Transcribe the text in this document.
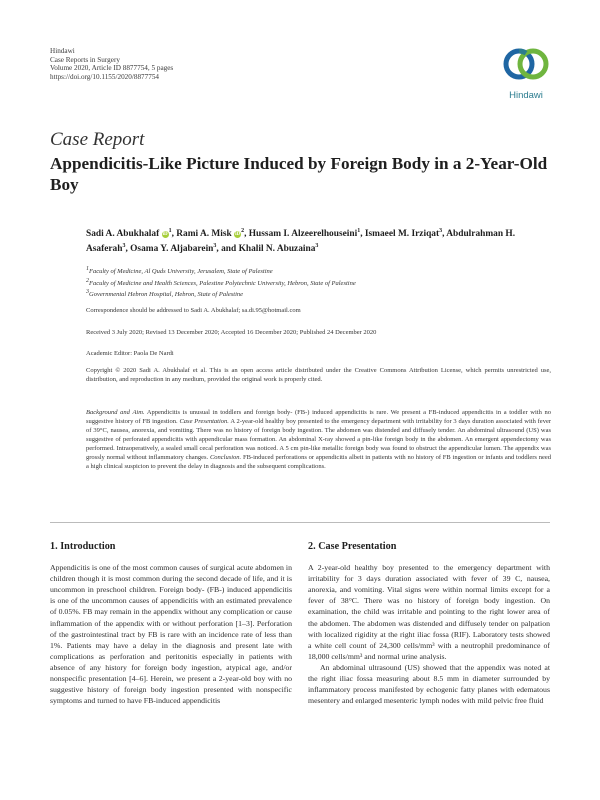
Hindawi
Case Reports in Surgery
Volume 2020, Article ID 8877754, 5 pages
https://doi.org/10.1155/2020/8877754
Hindawi
Case Report
Appendicitis-Like Picture Induced by Foreign Body in a 2-Year-Old Boy
Sadi A. Abukhalaf $iD^1$, Rami A. Misk $iD^2$, Hussam I. Alzeerelhouseini$^1$, Ismaeel M. Irziqat$^3$, Abdulrahman H. Asaferah$^3$, Osama Y. Aljabarein$^3$, and Khalil N. Abuzaina$^3$
$^1$Faculty of Medicine, Al Quds University, Jerusalem, State of Palestine
$^2$Faculty of Medicine and Health Sciences, Palestine Polytechnic University, Hebron, State of Palestine
$^3$Governmental Hebron Hospital, Hebron, State of Palestine
Correspondence should be addressed to Sadi A. Abukhalaf; sa.di.95@hotmail.com
Received 3 July 2020; Revised 13 December 2020; Accepted 16 December 2020; Published 24 December 2020
Academic Editor: Paola De Nardi
Copyright © 2020 Sadi A. Abukhalaf et al. This is an open access article distributed under the Creative Commons Attribution License, which permits unrestricted use, distribution, and reproduction in any medium, provided the original work is properly cited.
Background and Aim. Appendicitis is unusual in toddlers and foreign body- (FB-) induced appendicitis is rare. We present a FB-induced appendicitis in a toddler with no suggestive history of FB ingestion. Case Presentation. A 2-year-old healthy boy presented to the emergency department with irritability for 3 days duration associated with fever of 39°C, nausea, anorexia, and vomiting. There was no history of foreign body ingestion. The abdomen was distended and diffusely tender. An abdominal ultrasound (US) was suggestive of perforated appendicitis with appendicular mass formation. An abdominal X-ray showed a pin-like foreign body in the abdomen. An emergent appendectomy was performed. Intraoperatively, a sealed small cecal perforation was noticed. A 5 cm pin-like metallic foreign body was found to obstruct the appendicular lumen. The appendix was grossly normal without inflammatory changes. Conclusion. FB-induced perforations or appendicitis albeit in patients with no history of FB ingestion or infants and toddlers need a high clinical suspicion to prevent the delay in diagnosis and the subsequent complications.
1. Introduction

Appendicitis is one of the most common causes of surgical acute abdomen in children though it is most common during the second decade of life, and it is uncommon in preschool children. Foreign body- (FB-) induced appendicitis is one of the uncommon causes of appendicitis with an estimated prevalence of 0.05%. FB may remain in the appendix without any complication or cause inflammation of the appendix with or without perforation [1–3]. Perforation of the gastrointestinal tract by FB is rare with an incidence rate of less than 1%. Patients may have a delay in the diagnosis and present late with complications as perforation and peritonitis especially in patients with absence of any history for foreign body ingestion, atypical age, and/or nonspecific presentation [4–6]. Herein, we present a 2-year-old boy with no suggestive history of foreign body ingestion presented with nonspecific symptoms and turned to have FB-induced appendicitis

2. Case Presentation

A 2-year-old healthy boy presented to the emergency department with irritability for 3 days duration associated with fever of 39 C, nausea, anorexia, and vomiting. Vital signs were within normal limits except for a fever of 38°C. There was no history of foreign body ingestion. On examination, the child was irritable and pointing to the right lower area of the abdomen. The abdomen was distended and diffusely tender on palpation with localized rigidity at the right iliac fossa (RIF). Laboratory tests showed a white cell count of 24,300 cells/mm³ with a neutrophil predominance of 18,000 cells/mm³ and normal urine analysis.

An abdominal ultrasound (US) showed that the appendix was noted at the right iliac fossa measuring about 8.5 mm in diameter surrounded by inflammatory process manifested by echogenic fatty planes with edematous mesentery and enlarged mesenteric lymph nodes with mild pelvic free fluid
